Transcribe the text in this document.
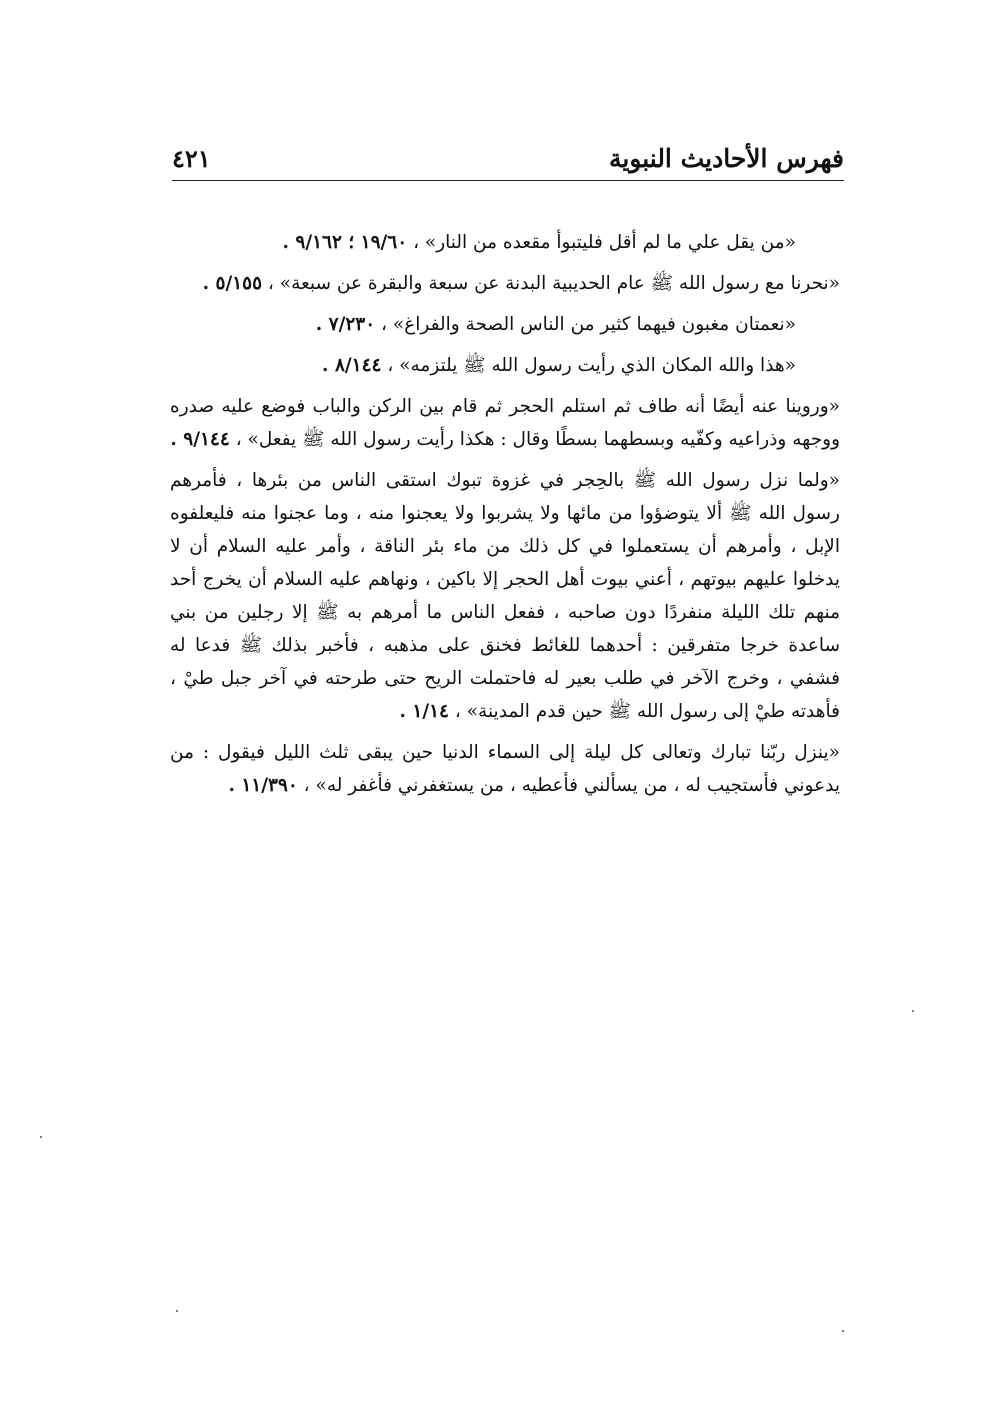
فهرس الأحاديث النبوية
٤٢١

«من يقل علي ما لم أقل فليتبوأ مقعده من النار» ، ١٩/٦٠ ؛ ٩/١٦٢ .

«نحرنا مع رسول الله ﷺ عام الحديبية البدنة عن سبعة والبقرة عن سبعة» ، ٥/١٥٥ .

«نعمتان مغبون فيهما كثير من الناس الصحة والفراغ» ، ٧/٢٣٠ .

«هذا والله المكان الذي رأيت رسول الله ﷺ يلتزمه» ، ٨/١٤٤ .

«وروينا عنه أيضًا أنه طاف ثم استلم الحجر ثم قام بين الركن والباب فوضع عليه صدره ووجهه وذراعيه وكفّيه وبسطهما بسطًا وقال : هكذا رأيت رسول الله ﷺ يفعل» ، ٩/١٤٤ .

«ولما نزل رسول الله ﷺ بالحِجر في غزوة تبوك استقى الناس من بئرها ، فأمرهم رسول الله ﷺ ألا يتوضؤوا من مائها ولا يشربوا ولا يعجنوا منه ، وما عجنوا منه فليعلفوه الإبل ، وأمرهم أن يستعملوا في كل ذلك من ماء بئر الناقة ، وأمر عليه السلام أن لا يدخلوا عليهم بيوتهم ، أعني بيوت أهل الحجر إلا باكين ، ونهاهم عليه السلام أن يخرج أحد منهم تلك الليلة منفردًا دون صاحبه ، ففعل الناس ما أمرهم به ﷺ إلا رجلين من بني ساعدة خرجا متفرقين : أحدهما للغائط فخنق على مذهبه ، فأخبر بذلك ﷺ فدعا له فشفي ، وخرج الآخر في طلب بعير له فاحتملت الريح حتى طرحته في آخر جبل طيْ ، فأهدته طيْ إلى رسول الله ﷺ حين قدم المدينة» ، ١/١٤ .

«ينزل ربّنا تبارك وتعالى كل ليلة إلى السماء الدنيا حين يبقى ثلث الليل فيقول : من يدعوني فأستجيب له ، من يسألني فأعطيه ، من يستغفرني فأغفر له» ، ١١/٣٩٠ .
